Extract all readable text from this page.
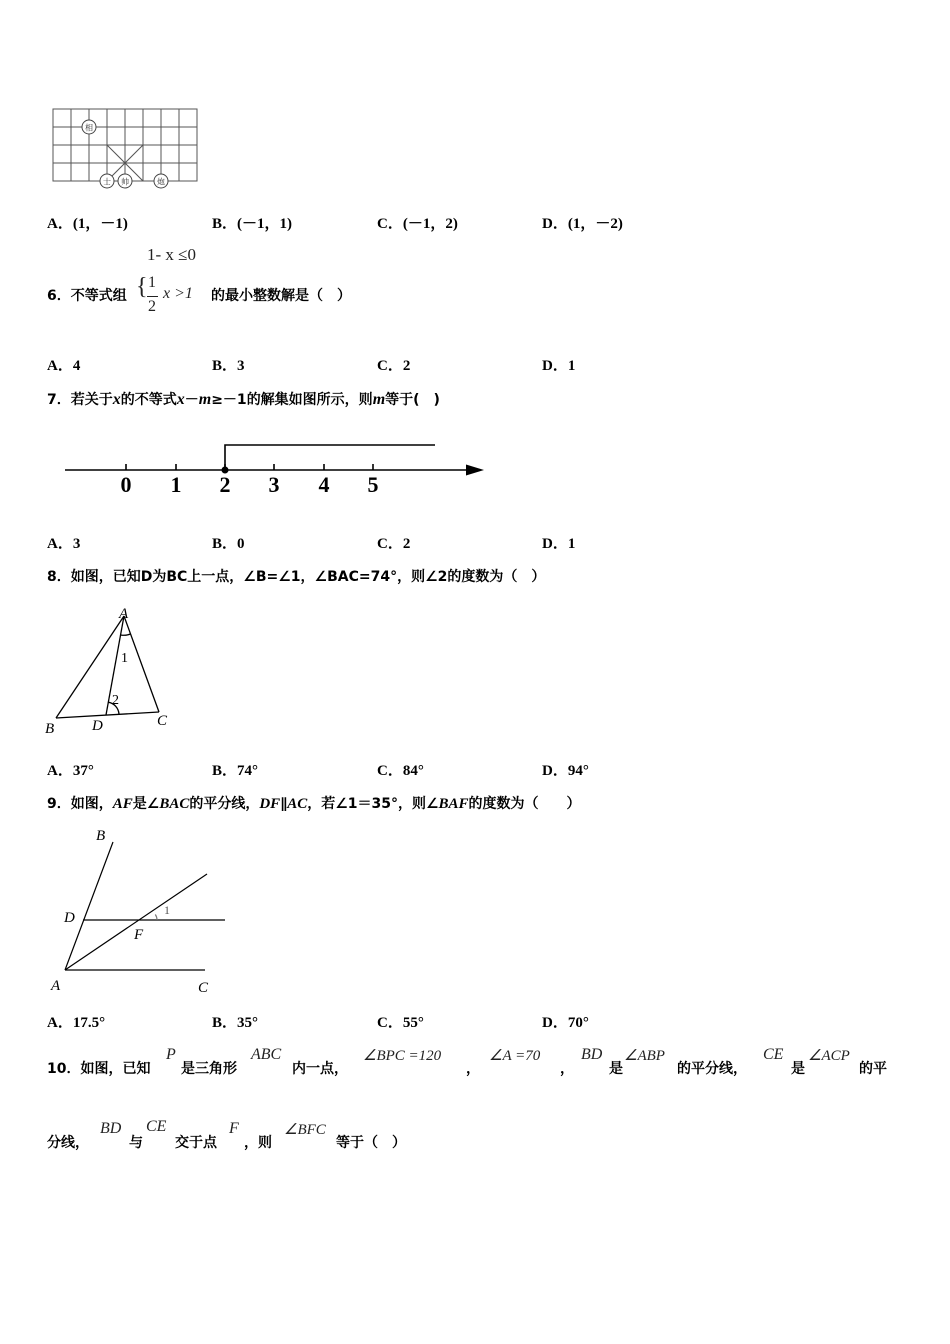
相
士 帅	炮
A．(1，－1)	B．(－1，1)	C．(－1，2)	D．(1，－2)
6．不等式组
1- x ≤0
{ 1
2
x >1 的最小整数解是（　）
A．4	B．3	C．2	D．1
7．若关于x的不等式x－m≥－1的解集如图所示，则m等于(　)
0 1 2 3 4 5
A．3	B．0	C．2	D．1
8．如图，已知D为BC上一点，∠B=∠1，∠BAC=74°，则∠2的度数为（　）
A
B	C
D
1
2
A．37°	B．74°	C．84°	D．94°
9．如图，AF是∠BAC的平分线，DF∥AC，若∠1＝35°，则∠BAF的度数为（　　）
B
D
F
A	C
1
A．17.5°	B．35°	C．55°	D．70°
10．如图，已知
P
是三角形
ABC
内一点，
∠BPC =120
，
∠A =70
，
BD
是
∠ABP
的平分线，
CE
是
∠ACP
的平
分线，
BD
与
CE
交于点
F
，则
∠BFC
等于（　）
